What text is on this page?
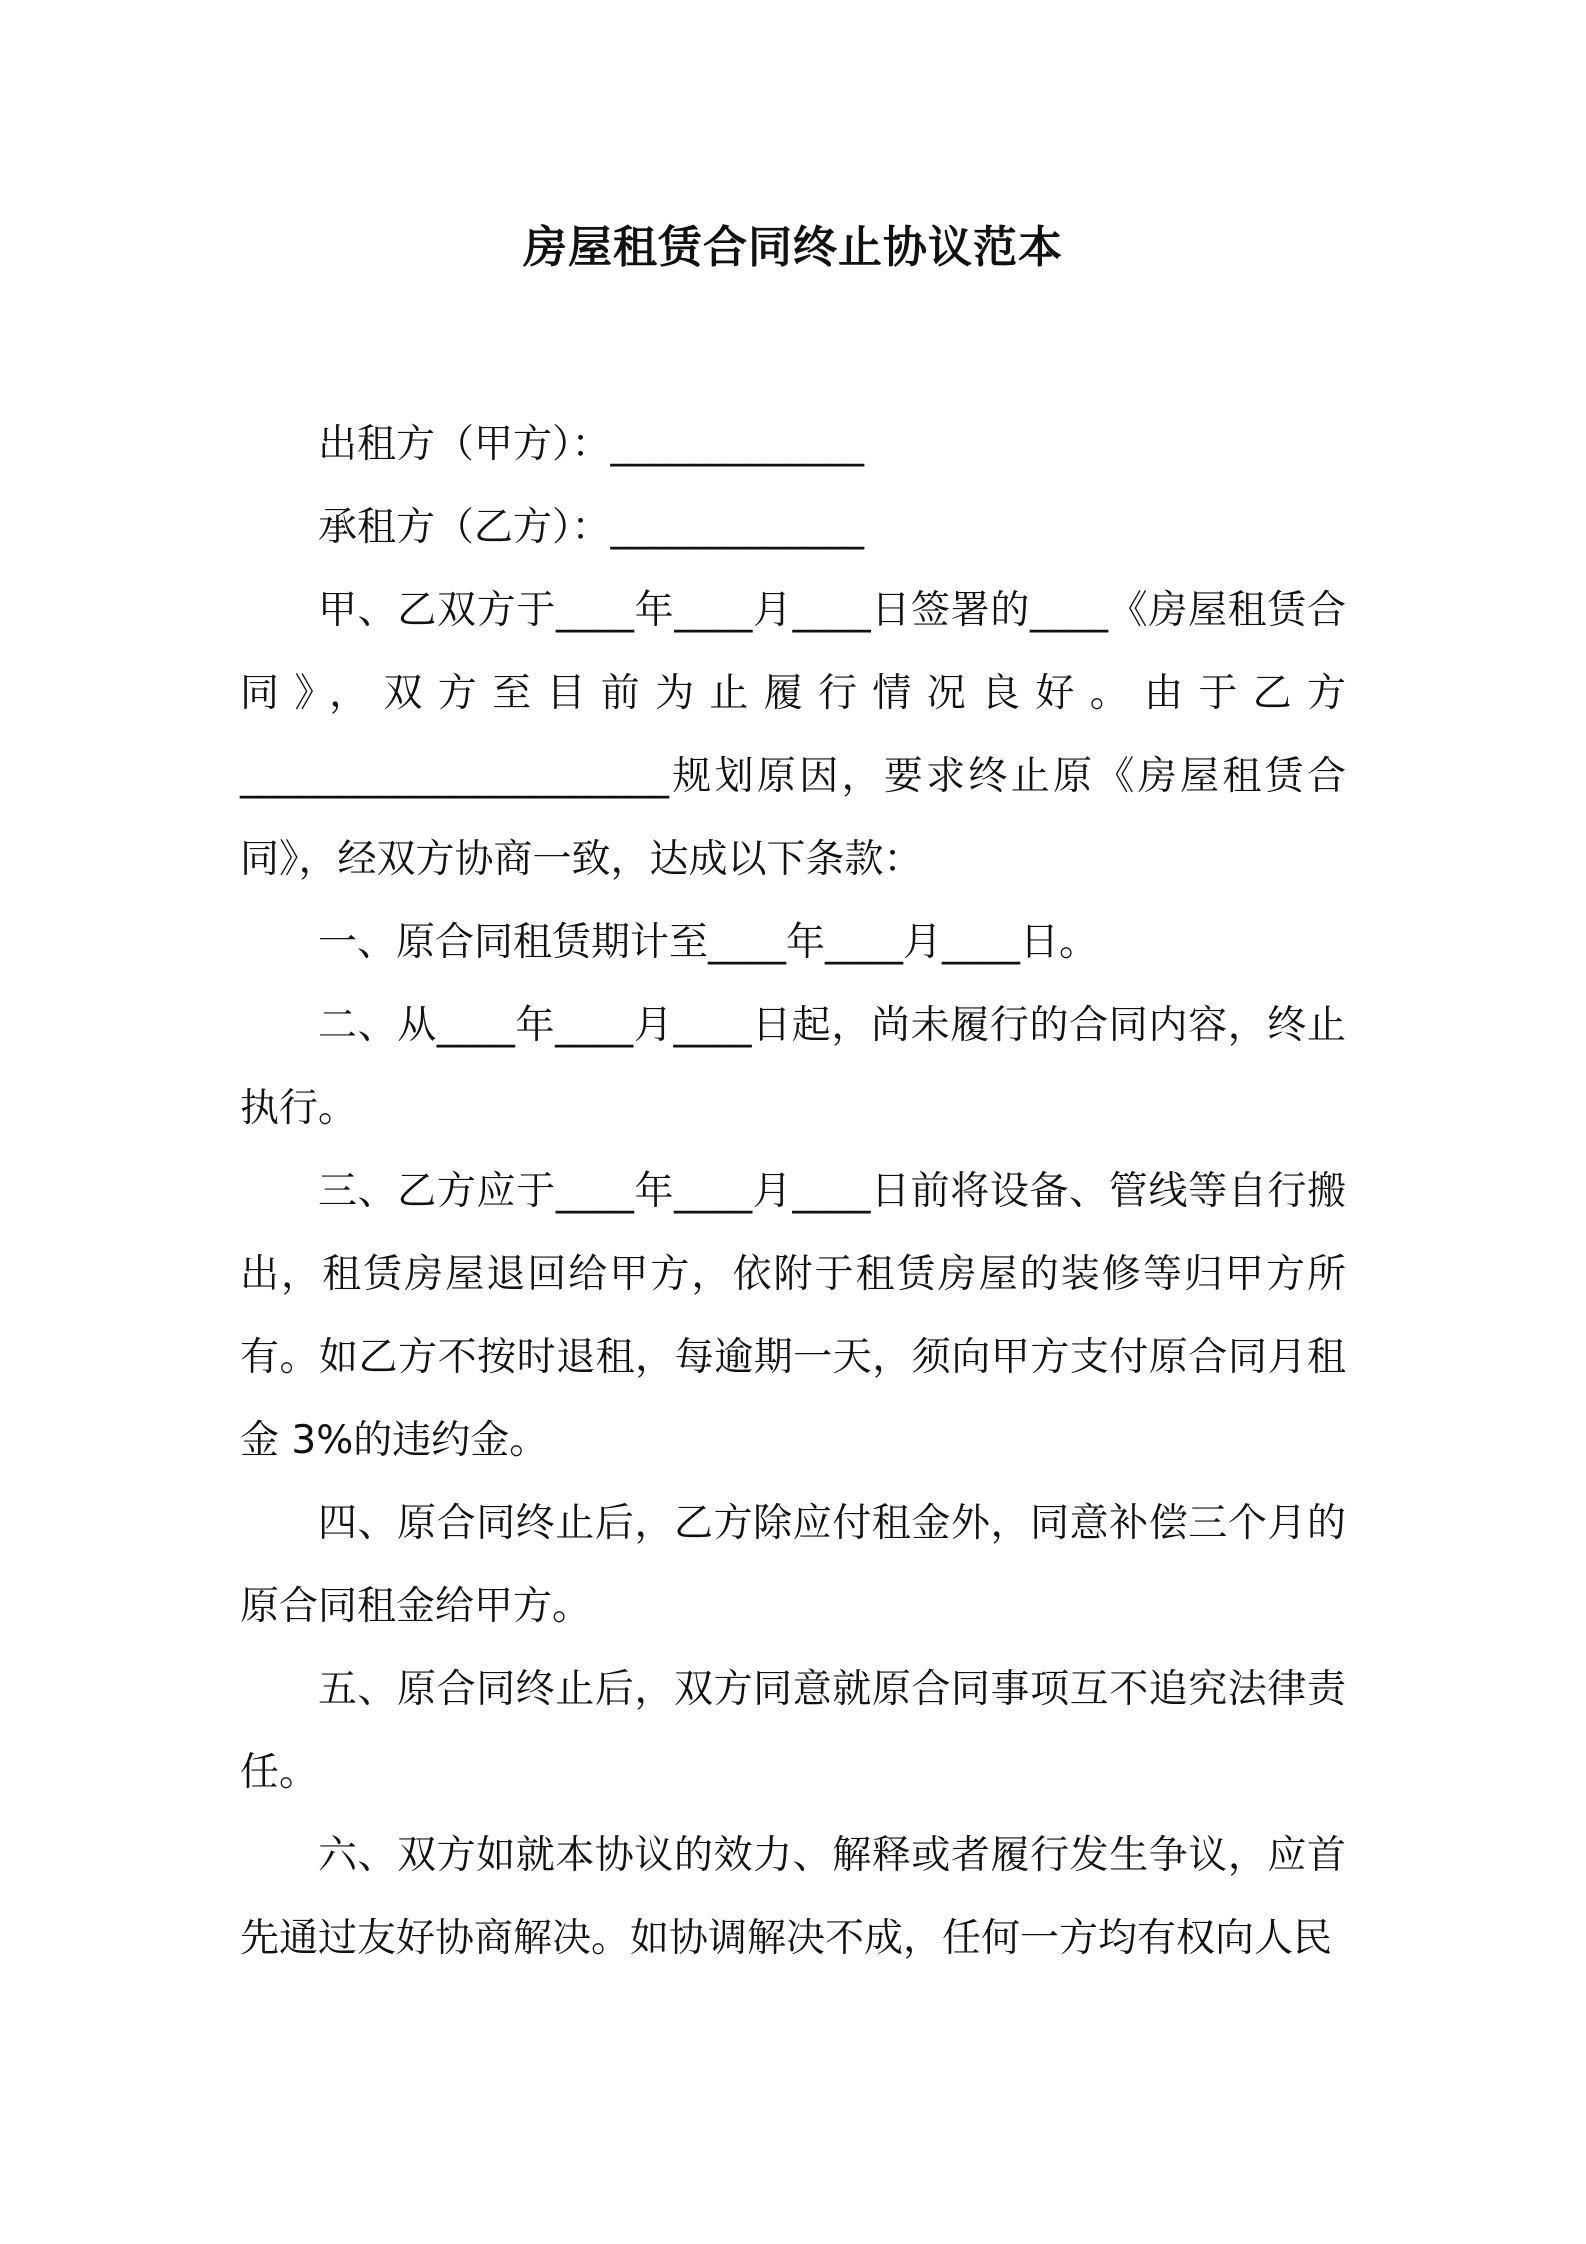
房屋租赁合同终止协议范本

出租方（甲方）：_____________

承租方（乙方）：_____________

甲、乙双方于____年____月____日签署的____《房屋租赁合同》，双方至目前为止履行情况良好。由于乙方______________________规划原因，要求终止原《房屋租赁合同》，经双方协商一致，达成以下条款：

一、原合同租赁期计至____年____月____日。

二、从____年____月____日起，尚未履行的合同内容，终止执行。

三、乙方应于____年____月____日前将设备、管线等自行搬出，租赁房屋退回给甲方，依附于租赁房屋的装修等归甲方所有。如乙方不按时退租，每逾期一天，须向甲方支付原合同月租金 3%的违约金。

四、原合同终止后，乙方除应付租金外，同意补偿三个月的原合同租金给甲方。

五、原合同终止后，双方同意就原合同事项互不追究法律责任。

六、双方如就本协议的效力、解释或者履行发生争议，应首先通过友好协商解决。如协调解决不成，任何一方均有权向人民
